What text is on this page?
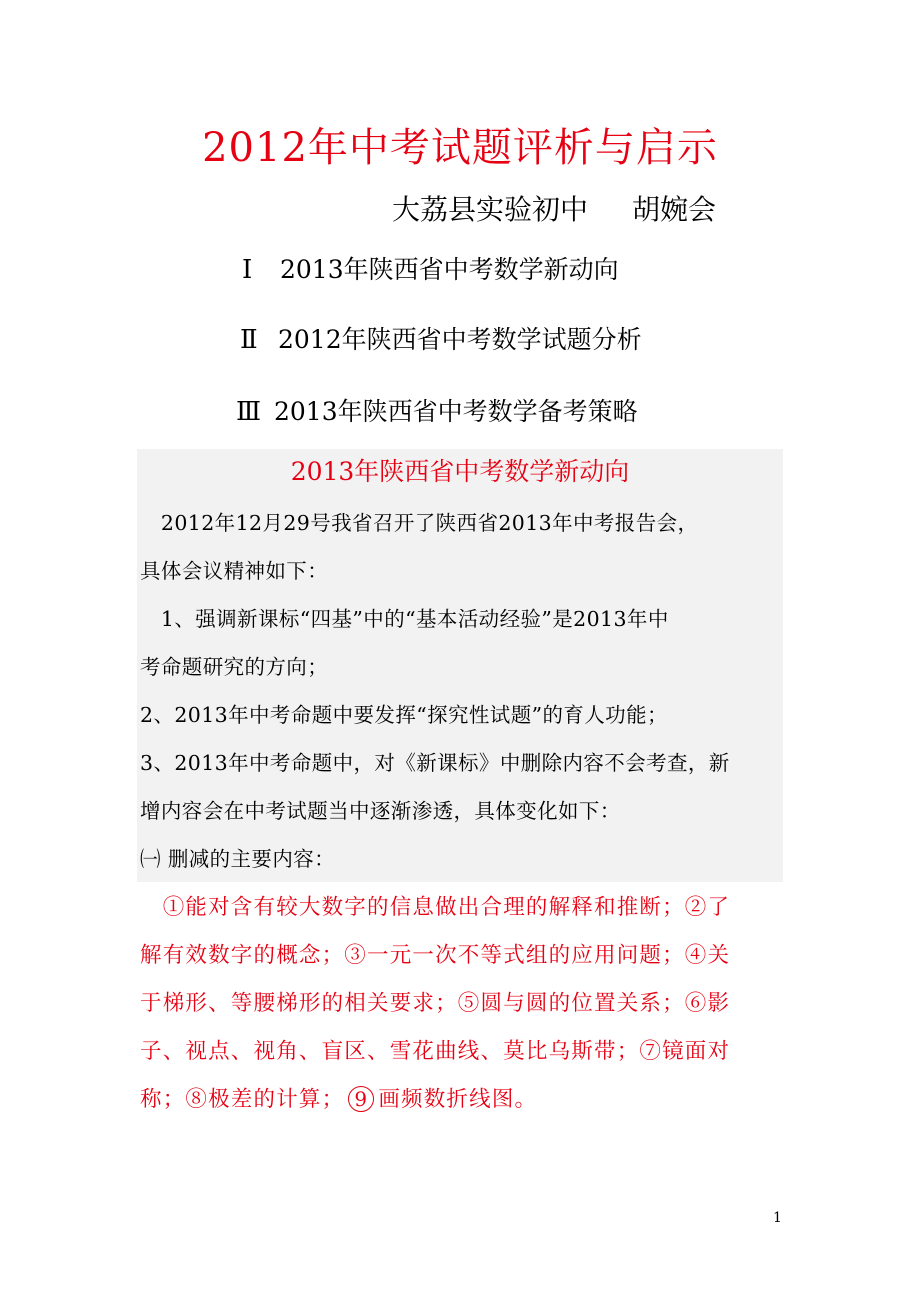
2012年中考试题评析与启示
大荔县实验初中 胡婉会
Ⅰ 2013年陕西省中考数学新动向
Ⅱ 2012年陕西省中考数学试题分析
Ⅲ 2013年陕西省中考数学备考策略
2013年陕西省中考数学新动向
　2012年12月29号我省召开了陕西省2013年中考报告会，
具体会议精神如下：
　1、强调新课标“四基”中的“基本活动经验”是2013年中
考命题研究的方向；
2、2013年中考命题中要发挥“探究性试题”的育人功能；
3、2013年中考命题中，对《新课标》中删除内容不会考查，新
增内容会在中考试题当中逐渐渗透，具体变化如下：
㈠ 删减的主要内容：
　①能对含有较大数字的信息做出合理的解释和推断；②了
解有效数字的概念；③一元一次不等式组的应用问题；④关
于梯形、等腰梯形的相关要求；⑤圆与圆的位置关系；⑥影
子、视点、视角、盲区、雪花曲线、莫比乌斯带；⑦镜面对
称；⑧极差的计算； 9 画频数折线图。
1
